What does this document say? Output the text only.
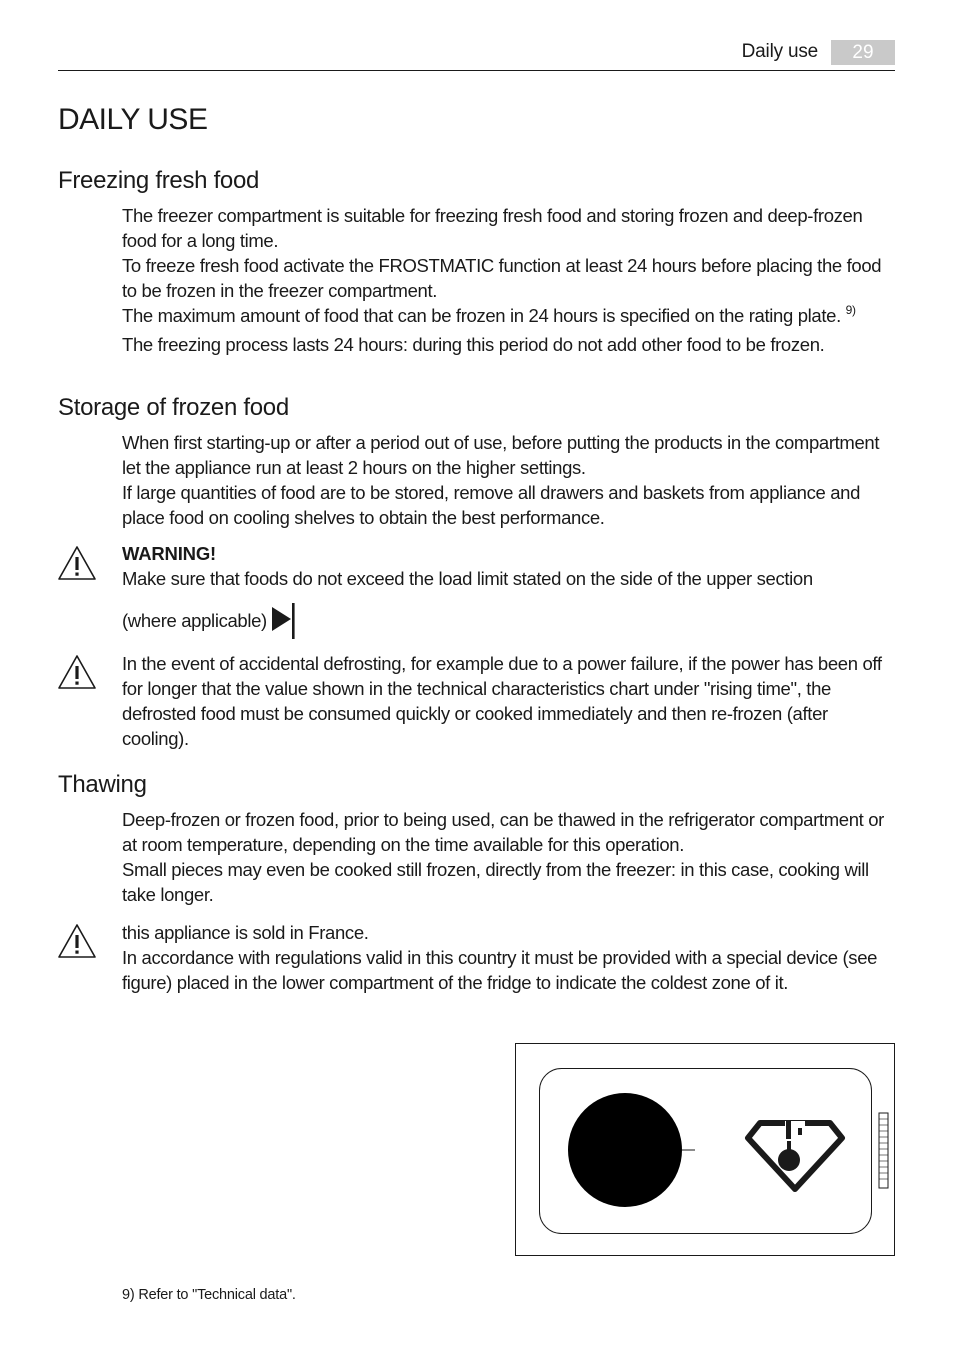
Daily use	29
DAILY USE
Freezing fresh food

The freezer compartment is suitable for freezing fresh food and storing frozen and deep-frozen food for a long time.

To freeze fresh food activate the FROSTMATIC function at least 24 hours before placing the food to be frozen in the freezer compartment.

The maximum amount of food that can be frozen in 24 hours is specified on the rating plate. $^{9)}$

The freezing process lasts 24 hours: during this period do not add other food to be frozen.

Storage of frozen food

When first starting-up or after a period out of use, before putting the products in the compartment let the appliance run at least 2 hours on the higher settings.

If large quantities of food are to be stored, remove all drawers and baskets from appliance and place food on cooling shelves to obtain the best performance.

WARNING!

Make sure that foods do not exceed the load limit stated on the side of the upper section

(where applicable)

In the event of accidental defrosting, for example due to a power failure, if the power has been off for longer that the value shown in the technical characteristics chart under "rising time", the defrosted food must be consumed quickly or cooked immediately and then re-frozen (after cooling).

Thawing

Deep-frozen or frozen food, prior to being used, can be thawed in the refrigerator compartment or at room temperature, depending on the time available for this operation.

Small pieces may even be cooked still frozen, directly from the freezer: in this case, cooking will take longer.

this appliance is sold in France.

In accordance with regulations valid in this country it must be provided with a special device (see figure) placed in the lower compartment of the fridge to indicate the coldest zone of it.

9) Refer to "Technical data".
